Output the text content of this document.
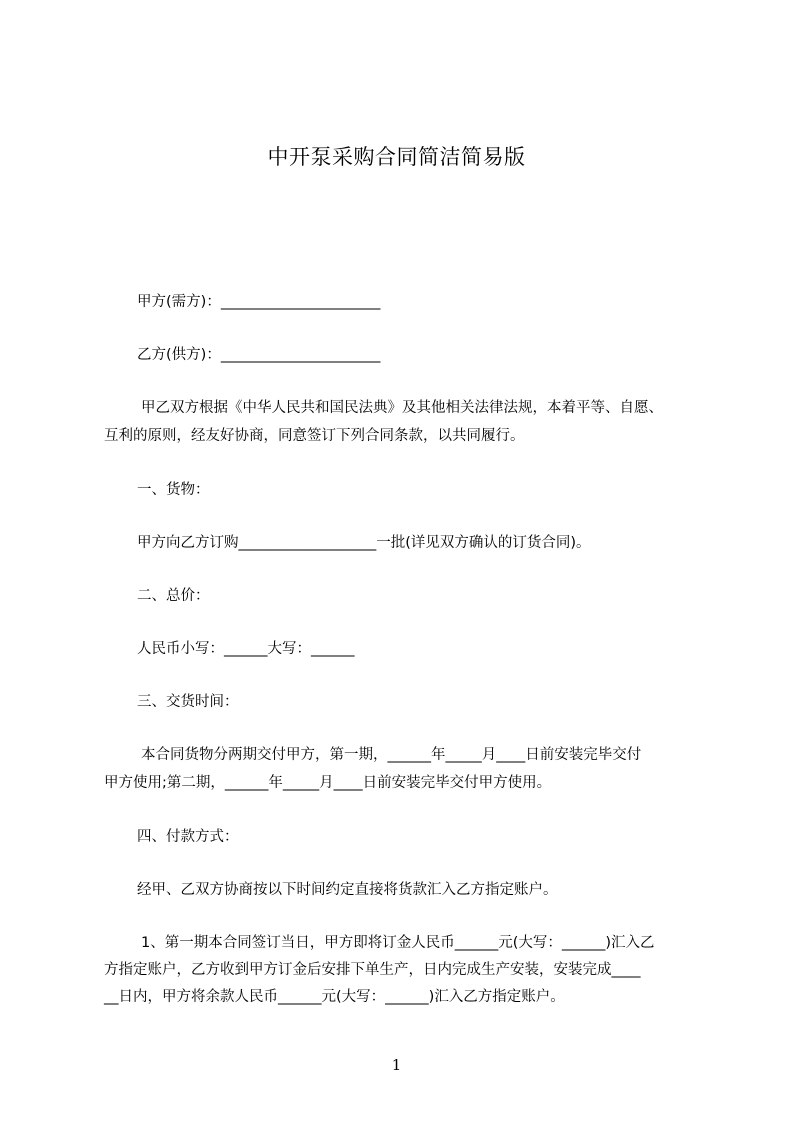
中开泵采购合同简洁简易版
甲方(需方)：______________________
乙方(供方)：______________________
甲乙双方根据《中华人民共和国民法典》及其他相关法律法规，本着平等、自愿、
互利的原则，经友好协商，同意签订下列合同条款，以共同履行。
一、货物：
甲方向乙方订购___________________一批(详见双方确认的订货合同)。
二、总价：
人民币小写：______大写：______
三、交货时间：
本合同货物分两期交付甲方，第一期，______年_____月____日前安装完毕交付
甲方使用;第二期，______年_____月____日前安装完毕交付甲方使用。
四、付款方式：
经甲、乙双方协商按以下时间约定直接将货款汇入乙方指定账户。
1、第一期本合同签订当日，甲方即将订金人民币______元(大写：______)汇入乙
方指定账户，乙方收到甲方订金后安排下单生产，日内完成生产安装，安装完成____
__日内，甲方将余款人民币______元(大写：______)汇入乙方指定账户。
1
